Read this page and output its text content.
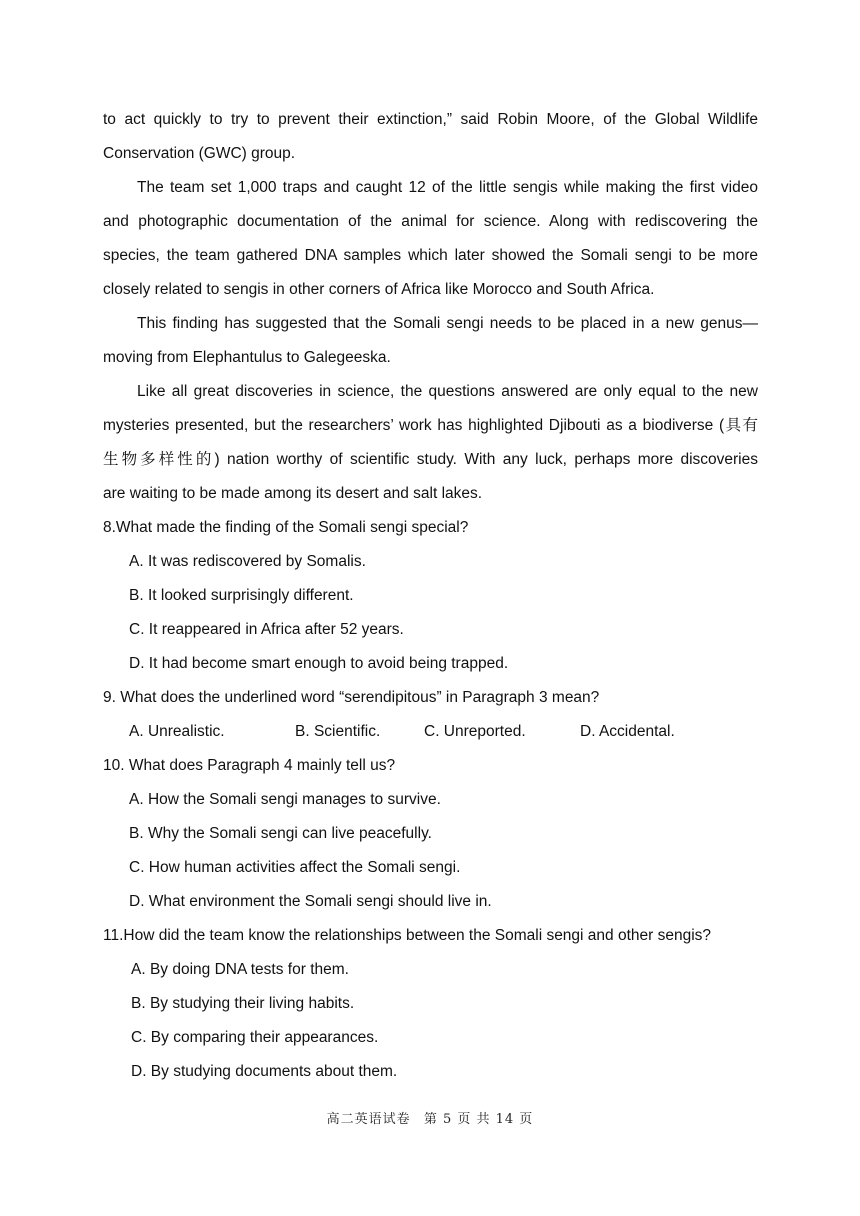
to act quickly to try to prevent their extinction,” said Robin Moore, of the Global Wildlife
Conservation (GWC) group.
The team set 1,000 traps and caught 12 of the little sengis while making the first video
and photographic documentation of the animal for science. Along with rediscovering the
species, the team gathered DNA samples which later showed the Somali sengi to be more
closely related to sengis in other corners of Africa like Morocco and South Africa.
This finding has suggested that the Somali sengi needs to be placed in a new genus—
moving from Elephantulus to Galegeeska.
Like all great discoveries in science, the questions answered are only equal to the new
mysteries presented, but the researchers’ work has highlighted Djibouti as a biodiverse (具有
生物多样性的) nation worthy of scientific study. With any luck, perhaps more discoveries
are waiting to be made among its desert and salt lakes.
8.What made the finding of the Somali sengi special?
A. It was rediscovered by Somalis.
B. It looked surprisingly different.
C. It reappeared in Africa after 52 years.
D. It had become smart enough to avoid being trapped.
9. What does the underlined word “serendipitous” in Paragraph 3 mean?
A. Unrealistic.	B. Scientific.	C. Unreported.	D. Accidental.
10. What does Paragraph 4 mainly tell us?
A. How the Somali sengi manages to survive.
B. Why the Somali sengi can live peacefully.
C. How human activities affect the Somali sengi.
D. What environment the Somali sengi should live in.
11.How did the team know the relationships between the Somali sengi and other sengis?
A. By doing DNA tests for them.
B. By studying their living habits.
C. By comparing their appearances.
D. By studying documents about them.
高二英语试卷 第 5 页 共 14 页
